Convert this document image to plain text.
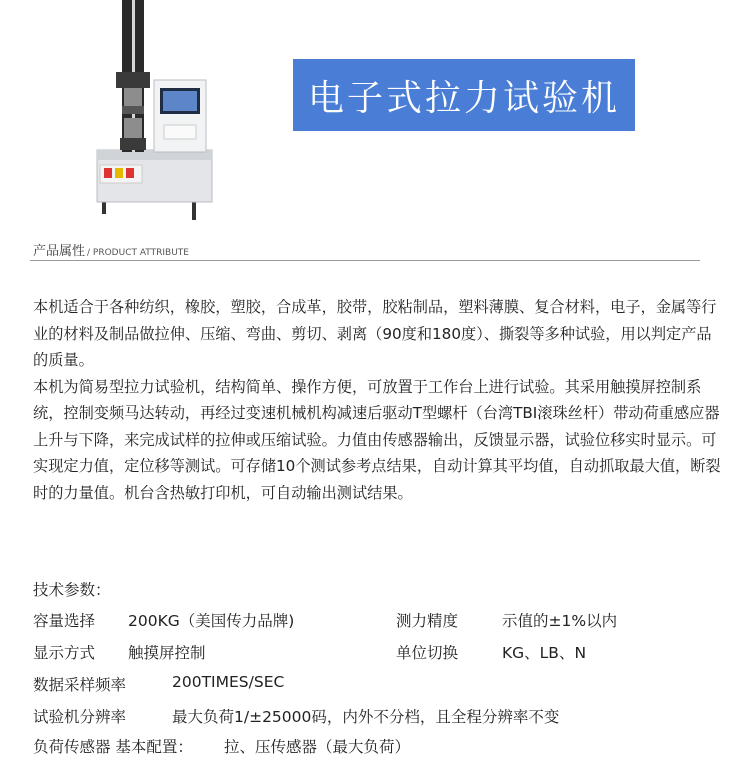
电子式拉力试验机
产品属性 / PRODUCT ATTRIBUTE

本机适合于各种纺织，橡胶，塑胶，合成革，胶带，胶粘制品，塑料薄膜、复合材料，电子，金属等行业的材料及制品做拉伸、压缩、弯曲、剪切、剥离（90度和180度）、撕裂等多种试验，用以判定产品的质量。

本机为简易型拉力试验机，结构简单、操作方便，可放置于工作台上进行试验。其采用触摸屏控制系统，控制变频马达转动，再经过变速机械机构减速后驱动T型螺杆（台湾TBI滚珠丝杆）带动荷重感应器上升与下降，来完成试样的拉伸或压缩试验。力值由传感器输出，反馈显示器，试验位移实时显示。可实现定力值，定位移等测试。可存储10个测试参考点结果，自动计算其平均值，自动抓取最大值，断裂时的力量值。机台含热敏打印机，可自动输出测试结果。

技术参数：
容量选择 200KG（美国传力品牌)	测力精度	示值的±1%以内
显示方式 触摸屏控制	单位切换	KG、LB、N
数据采样频率	200TIMES/SEC
试验机分辨率	最大负荷1/±25000码，内外不分档，且全程分辨率不变
负荷传感器 基本配置： 拉、压传感器（最大负荷）
